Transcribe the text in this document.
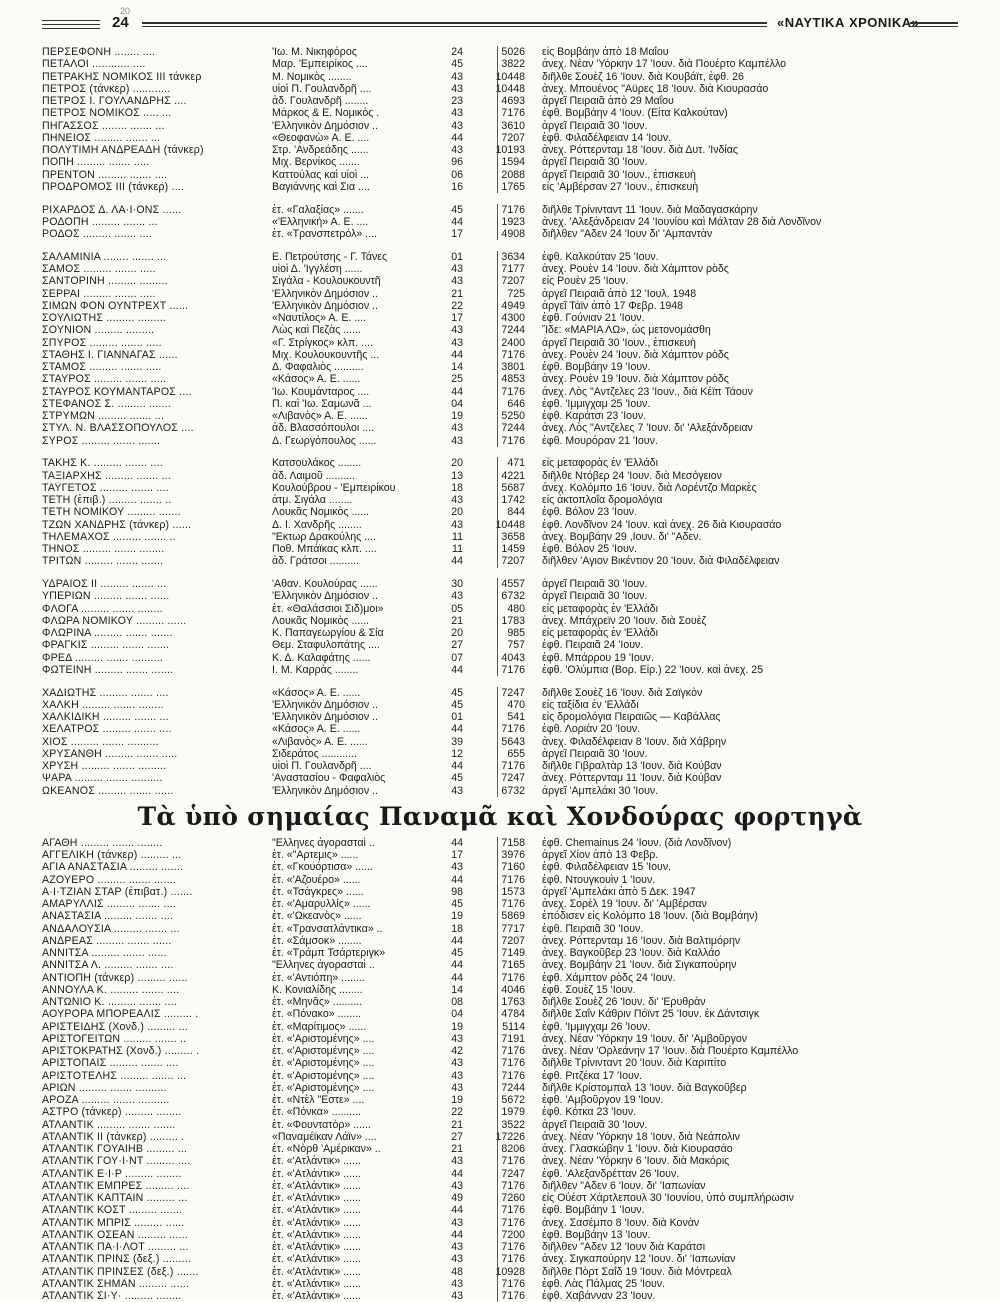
20
24	«ΝΑΥΤΙΚΑ ΧΡΟΝΙΚΑ»
ΠΕΡΣΕΦΟΝΗ ........ ....	'Ιω. Μ. Νικηφόρος	24	5026	εἰς Βομβάην ἀπὸ 18 Μαΐου
ΠΕΤΑΛΟΙ ............ ....	Μαρ. 'Εμπειρίκος ....	45	3822	ἀνεχ. Νέαν 'Υόρκην 17 'Ιουν. διὰ Πουέρτο Καμπέλλο
ΠΕΤΡΑΚΗΣ ΝΟΜΙΚΟΣ ΙΙΙ τάνκερ	Μ. Νομικὸς ........	43	10448	διῆλθε Σουὲζ 16 'Ιουν. διὰ Κουβάϊτ, ἐφθ. 26
ΠΕΤΡΟΣ (τάνκερ) ............	υἱοὶ Π. Γουλανδρῆ ....	43	10448	ἀνεχ. Μπουένος "Αϋρες 18 'Ιουν. διὰ Κιουρασάο
ΠΕΤΡΟΣ Ι. ΓΟΥΛΑΝΔΡΗΣ ....	ἀδ. Γουλανδρῆ ........	23	4693	ἀργεῖ Πειραιᾶ ἀπὸ 29 Μαΐου
ΠΕΤΡΟΣ ΝΟΜΙΚΟΣ ..... ...	Μάρκος & Ε. Νομικὸς .	43	7176	ἐφθ. Βομβάην 4 'Ιουν. (Εἶτα Καλκούταν)
ΠΗΓΑΣΣΟΣ ........ ....... ...	'Ελληνικὸν Δημόσιον ..	43	3610	ἀργεῖ Πειραιᾶ 30 'Ιουν.
ΠΗΝΕΙΟΣ ......... ....... ...	«Θεοφανὼ» Α. Ε. ....	44	7207	ἐφθ. Φιλαδέλφειαν 14 'Ιουν.
ΠΟΛΥΤΙΜΗ ΑΝΔΡΕΑΔΗ (τάνκερ)	Στρ. 'Ανδρεάδης ......	43	10193	ἀνεχ. Ρόττερνταμ 18 'Ιουν. διὰ Δυτ. 'Ινδίας
ΠΟΠΗ ......... ....... .....	Μιχ. Βερνίκος .......	96	1594	ἀργεῖ Πειραιᾶ 30 'Ιουν.
ΠΡΕΝΤΟΝ ......... ....... ....	Καττούλας καὶ υἱοὶ ...	06	2088	ἀργεῖ Πειραιᾶ 30 'Ιουν., ἐπισκευὴ
ΠΡΟΔΡΟΜΟΣ ΙΙΙ (τάνκερ) ....	Βαγιάννης καὶ Σια ....	16	1765	εἰς 'Αμβέρσαν 27 'Ιουν., ἐπισκευὴ
ΡΙΧΑΡΔΟΣ Δ. ΛΑ·Ι·ΟΝΣ ......	ἐτ. «Γαλαξίας» .......	45	7176	διῆλθε Τρίνινταντ 11 'Ιουν. διὰ Μαδαγασκάρην
ΡΟΔΟΠΗ ......... ....... ...	«'Ελληνική» Α. Ε. ....	44	1923	ἀνεχ. 'Αλεξάνδρειαν 24 'Ιουνίου καὶ Μάλταν 28 διὰ Λονδῖνον
ΡΟΔΟΣ ......... ....... ....	ἐτ. «Τρανσπετρόλ» ....	17	4908	διῆλθεν "Αδεν 24 'Ιουν δι' 'Αμπαντὰν
ΣΑΛΑΜΙΝΙΑ ........ ....... ...	Ε. Πετρούτσης - Γ. Τάνες	01	3634	ἐφθ. Καλκούταν 25 'Ιουν.
ΣΑΜΟΣ ......... ....... .....	υἱοὶ Δ. 'Ιγγλέση ......	43	7177	ἀνεχ. Ρουὲν 14 'Ιουν. διὰ Χάμπτον ρὸδς
ΣΑΝΤΟΡΙΝΗ ......... .........	Σιγάλα - Κουλουκουντῆ	43	7207	εἰς Ρουὲν 25 'Ιουν.
ΣΕΡΡΑΙ ......... ....... .....	'Ελληνικὸν Δημόσιον ..	21	725	ἀργεῖ Πειραιᾶ ἀπὸ 12 'Ιουλ. 1948
ΣΙΜΩΝ ΦΟΝ ΟΥΝΤΡΕΧΤ ......	'Ελληνικὸν Δημόσιον ..	22	4949	ἀργεῖ Τάϊν ἀπὸ 17 Φεβρ. 1948
ΣΟΥΛΙΩΤΗΣ ......... .........	«Ναυτίλος» Α. Ε. ....	17	4300	ἐφθ. Γούνιαν 21 'Ιουν.
ΣΟΥΝΙΟΝ ......... .........	Λὼς καὶ Πεζὰς ......	43	7244	Ἴδε: «ΜΑΡΙΑ ΛΩ», ὡς μετονομάσθη
ΣΠΥΡΟΣ ......... ....... .....	«Γ. Στρίγκος» κλπ. ....	43	2400	ἀργεῖ Πειραιᾶ 30 'Ιουν., ἐπισκευὴ
ΣΤΑΘΗΣ Ι. ΓΙΑΝΝΑΓΑΣ ......	Μιχ. Κουλουκουντῆς ...	44	7176	ἀνεχ. Ρουὲν 24 'Ιουν. διὰ Χάμπτον ρὸδς
ΣΤΑΜΟΣ ......... ....... .....	Δ. Φαφαλιὸς ..........	14	3801	ἐφθ. Βομβάην 19 'Ιουν.
ΣΤΑΥΡΟΣ ......... ....... .....	«Κάσος» Α. Ε. ......	25	4853	ἀνεχ. Ρουὲν 19 'Ιουν. διὰ Χάμπτον ρὸδς
ΣΤΑΥΡΟΣ ΚΟΥΜΑΝΤΑΡΟΣ ....	'Ιω. Κουμάνταρος ....	44	7176	ἀνεχ. Λὸς "Αντζελες 23 'Ιουν., διὰ Κέϊπ Τάουν
ΣΤΕΦΑΝΟΣ Σ. ......... .......	Π. καὶ 'Ιω. Σαμωνᾶ ...	04	646	ἐφθ. 'Ιμμιγχαμ 25 'Ιουν.
ΣΤΡΥΜΩΝ ......... ....... ...	«Λιβανὸς» Α. Ε. ......	19	5250	ἐφθ. Καράτσι 23 'Ιουν.
ΣΤΥΛ. Ν. ΒΛΑΣΣΟΠΟΥΛΟΣ ....	ἀδ. Βλασσόπουλοι ....	43	7244	ἀνεχ. Λὸς "Αντζελες 7 'Ιουν. δι' 'Αλεξάνδρειαν
ΣΥΡΟΣ ......... ....... .......	Δ. Γεωργόπουλος ......	43	7176	ἐφθ. Μουρόραν 21 'Ιουν.
ΤΑΚΗΣ Κ. ......... ....... ....	Κατσουλάκος ........	20	471	εἰς μεταφορὰς ἐν 'Ελλάδι
ΤΑΞΙΑΡΧΗΣ ......... ....... ...	ἀδ. Λαιμοῦ ..........	13	4221	διῆλθε Ντόβερ 24 'Ιουν. διὰ Μεσόγειον
ΤΑΫΓΕΤΟΣ ......... ....... ....	Κουλούβρου - 'Εμπειρίκου	18	5687	ἀνεχ. Κολόμπο 16 'Ιουν. διὰ Λορέντζο Μαρκὲς
ΤΕΤΗ (ἐπιβ.) ......... ....... ..	ἀτμ. Σιγάλα ........	43	1742	εἰς ἀκτοπλοΐα δρομολόγια
ΤΕΤΗ ΝΟΜΙΚΟΥ ......... .......	Λουκᾶς Νομικὸς ......	20	844	ἐφθ. Βόλον 23 'Ιουν.
ΤΖΩΝ ΧΑΝΔΡΗΣ (τάνκερ) ......	Δ. Ι. Χανδρῆς ........	43	10448	ἐφθ. Λονδῖνον 24 'Ιουν. καὶ ἀνεχ. 26 διὰ Κιουρασάο
ΤΗΛΕΜΑΧΟΣ ......... ....... ..	"Εκτωρ Δρακούλης ....	11	3658	ἀνεχ. Βομβάην 29 ,Ιουν. δι' "Αδεν.
ΤΗΝΟΣ ......... ....... ........	Ποθ. Μπάϊκας κλπ. ....	11	1459	ἐφθ. Βόλον 25 'Ιουν.
ΤΡΙΤΩΝ ......... ....... .......	ἀδ. Γράτσοι ..........	44	7207	διῆλθεν 'Αγιον Βικέντιον 20 'Ιουν. διὰ Φιλαδέλφειαν
ΥΔΡΑΙΟΣ ΙΙ ......... ....... ...	'Αθαν. Κουλούρας ......	30	4557	ἀργεῖ Πειραιᾶ 30 'Ιουν.
ΥΠΕΡΙΩΝ ......... ....... ......	'Ελληνικὸν Δημόσιον ..	43	6732	ἀργεῖ Πειραιᾶ 30 'Ιουν.
ΦΛΟΓΑ ......... ....... ........	ἐτ. «Θαλάσσιοι Σιδ)μοι»	05	480	εἰς μεταφορὰς ἐν 'Ελλάδι
ΦΛΩΡΑ ΝΟΜΙΚΟΥ ......... ......	Λουκᾶς Νομικὸς ......	21	1783	ἀνεχ. Μπάχρεϊν 20 'Ιουν. διὰ Σουὲζ
ΦΛΩΡΙΝΑ ......... ....... .......	Κ. Παπαγεωργίου & Σία	20	985	εἰς μεταφορὰς ἐν 'Ελλάδι
ΦΡΑΓΚΙΣ ......... ....... .......	Θεμ. Σταφυλοπάτης ....	27	757	ἐφθ. Πειραιᾶ 24 'Ιουν.
ΦΡΕΔ ......... ....... ..........	Κ. Δ. Καλαφάτης ......	07	4043	ἐφθ. Μπάρρου 19 'Ιουν.
ΦΩΤΕΙΝΗ ......... ....... .......	Ι. Μ. Καρρὰς ........	44	7176	ἐφθ. 'Ολύμπια (Βορ. Εἰρ.) 22 'Ιουν. καὶ ἀνεχ. 25
ΧΑΔΙΩΤΗΣ ......... ....... ....	«Κάσος» Α. Ε. ......	45	7247	διῆλθε Σουὲζ 16 'Ιουν. διὰ Σαϊγκὸν
ΧΑΛΚΗ ......... ....... ........	'Ελληνικὸν Δημόσιον ..	45	470	εἰς ταξίδια ἐν 'Ελλάδι
ΧΑΛΚΙΔΙΚΗ ......... ....... ...	'Ελληνικὸν Δημόσιον ..	01	541	εἰς δρομολόγια Πειραιῶς — Καβάλλας
ΧΕΛΑΤΡΟΣ ......... ....... ....	«Κάσος» Α. Ε. ......	44	7176	ἐφθ. Λοριὰν 20 'Ιουν.
ΧΙΟΣ ......... ....... ..........	«Λιβανὸς» Α. Ε. ......	39	5643	ἀνεχ. Φιλαδέλφειαν 8 'Ιουν. διὰ Χάβρην
ΧΡΥΣΑΝΘΗ ......... ....... .....	Σιδεράτος ............	12	655	ἀργεῖ Πειραιᾶ 30 'Ιουν.
ΧΡΥΣΗ ......... ....... .........	υἱοὶ Π. Γουλανδρῆ ....	44	7176	διῆλθε Γιβραλτὰρ 13 'Ιουν. διὰ Κούβαν
ΨΑΡΑ ......... ....... ..........	'Αναστασίου - Φαφαλιὸς	45	7247	ἀνεχ. Ρόττερνταμ 11 'Ιουν. διὰ Κούβαν
ΩΚΕΑΝΟΣ ......... ....... ......	'Ελληνικὸν Δημόσιον ..	43	6732	ἀργεῖ 'Αμπελάκι 30 'Ιουν.
Τὰ ὑπὸ σημαίας Παναμᾶ καὶ Χονδούρας φορτηγὰ
ΑΓΑΘΗ ......... ....... ........	"Ελληνες ἀγορασταὶ ..	44	7158	ἐφθ. Chemainus 24 'Ιουν. (διὰ Λονδῖνον)
ΑΓΓΕΛΙΚΗ (τάνκερ) ......... ...	ἐτ. «"Αρτεμις» ......	17	3976	ἀργεῖ Χίον ἀπὸ 13 Φεβρ.
ΑΓΙΑ ΑΝΑΣΤΑΣΙΑ ......... .......	ἐτ. «Γκουόρτισα» ......	43	7160	ἐφθ. Φιλαδέλφειαν 15 'Ιουν.
ΑΖΟΥΕΡΟ ......... ....... .......	ἐτ. «'Αζουέρο» ......	44	7176	ἐφθ. Ντουγκουὶν 1 'Ιουν.
Α·Ι·ΤΖΙΑΝ ΣΤΑΡ (ἐπιβατ.) .......	ἐτ. «Τσάγκρες» ......	98	1573	ἀργεῖ 'Αμπελάκι ἀπὸ 5 Δεκ. 1947
ΑΜΑΡΥΛΛΙΣ ......... ....... ....	ἐτ. «'Αμαρυλλίς» ......	45	7176	ἀνεχ. Σορὲλ 19 'Ιουν. δι' 'Αμβέρσαν
ΑΝΑΣΤΑΣΙΑ ......... ....... ....	ἐτ. «'Ωκεανὸς» ......	19	5869	ἐπόδισεν εἰς Κολόμπο 18 'Ιουν. (διὰ Βομβάην)
ΑΝΔΑΛΟΥΣΙΑ ......... ....... ...	ἐτ. «Τρανσατλάντικα» ..	18	7717	ἐφθ. Πειραιᾶ 30 'Ιουν.
ΑΝΔΡΕΑΣ ......... ....... ......	ἐτ. «Σάμσοκ» ........	44	7207	ἀνεχ. Ρόττερνταμ 16 'Ιουν. διὰ Βαλτιμόρην
ΑΝΝΙΤΣΑ ......... ....... ......	ἐτ. «Τράμπ Τσάρτεριγκ»	45	7149	ἀνεχ. Βαγκοῦβερ 23 'Ιουν. διὰ Καλλάο
ΑΝΝΙΤΣΑ Λ. ......... ....... ....	"Ελληνες ἀγορασταὶ ..	44	7165	ἀνεχ. Βομβάην 21 'Ιουν. διὰ Σιγκαπούρην
ΑΝΤΙΟΠΗ (τάνκερ) ......... ......	ἐτ. «'Αντιόπη» ........	44	7176	ἐφθ. Χάμπτον ρὸδς 24 'Ιουν.
ΑΝΝΟΥΛΑ Κ. ......... ....... ....	Κ. Κονιαλίδης ........	14	4046	ἐφθ. Σουὲζ 15 'Ιουν.
ΑΝΤΩΝΙΟ Κ. ......... ....... ....	ἐτ. «Μηνᾶς» ..........	08	1763	διῆλθε Σουὲζ 26 'Ιουν. δι' 'Ερυθρὰν
ΑΟΥΡΟΡΑ ΜΠΟΡΕΑΛΙΣ ......... .	ἐτ. «Πόνακο» ........	04	4784	διῆλθε Σαΐν Κάθριν Πόϊντ 25 'Ιουν. ἐκ Δάντσιγκ
ΑΡΙΣΤΕΙΔΗΣ (Χονδ.) ......... ...	ἐτ. «Μαρίτιμος» ......	19	5114	ἐφθ. 'Ιμμιγχαμ 26 'Ιουν.
ΑΡΙΣΤΟΓΕΙΤΩΝ ......... ....... ..	ἐτ. «'Αριστομένης» ....	43	7191	ἀνεχ. Νέαν 'Υόρκην 19 'Ιουν. δι' 'Αμβοῦργον
ΑΡΙΣΤΟΚΡΑΤΗΣ (Χονδ.) ......... .	ἐτ. «'Αριστομένης» ....	42	7176	ἀνεχ. Νέαν 'Ορλεάνην 17 'Ιουν. διὰ Πουέρτο Καμπέλλο
ΑΡΙΣΤΟΠΑΙΣ ......... ....... ....	ἐτ. «'Αριστομένης» ....	43	7176	διῆλθε Τρίνινταντ 20 'Ιουν. διὰ Καριπίτο
ΑΡΙΣΤΟΤΕΛΗΣ ......... ....... ...	ἐτ. «'Αριστομένης» ....	43	7176	ἐφθ. Ριτζέκα 17 'Ιουν.
ΑΡΙΩΝ ......... ....... ..........	ἐτ. «'Αριστομένης» ....	43	7244	διῆλθε Κρίστομπαλ 13 'Ιουν. διὰ Βαγκοῦβερ
ΑΡΟΖΑ ......... ....... ..........	ἐτ. «Ντὲλ "Εστε» ....	19	5672	ἐφθ. 'Αμβοῦργον 19 'Ιουν.
ΑΣΤΡΟ (τάνκερ) ......... ........	ἐτ. «Πόνκα» ..........	22	1979	ἐφθ. Κότκα 23 'Ιουν.
ΑΤΛΑΝΤΙΚ ......... ....... .......	ἐτ. «Φουντατὸρ» ......	21	3522	ἀργεῖ Πειραιᾶ 30 'Ιουν.
ΑΤΛΑΝΤΙΚ ΙΙ (τάνκερ) ......... .	«Παναμέϊκαν Λάϊν» ....	27	17226	ἀνεχ. Νέαν 'Υόρκην 18 'Ιουν. διὰ Νεάπολιν
ΑΤΛΑΝΤΙΚ ΓΟΥΑΙΗΒ ......... ...	ἐτ. «Νὸρθ 'Αμέρικαν» ..	21	8206	ἀνεχ. Γλασκώβην 1 'Ιουν. διὰ Κιουρασάο
ΑΤΛΑΝΤΙΚ ΓΟΥ·Ι·ΝΤ ......... ....	ἐτ. «'Ατλάντικ» ......	43	7176	ἀνεχ. Νέαν 'Υόρκην 6 'Ιουν. διὰ Μακόρις
ΑΤΛΑΝΤΙΚ Ε·Ι·Ρ ......... ........	ἐτ. «'Ατλάντικ» ......	44	7247	ἐφθ. 'Αλεξανδρέτταν 26 'Ιουν.
ΑΤΛΑΝΤΙΚ ΕΜΠΡΕΣ ......... ....	ἐτ. «'Ατλάντικ» ......	43	7176	διῆλθεν "Αδεν 6 'Ιουν. δι' 'Ιαπωνίαν
ΑΤΛΑΝΤΙΚ ΚΑΠΤΑΙΝ ......... ...	ἐτ. «'Ατλάντικ» ......	49	7260	εἰς Οὐέστ Χάρτλεπουλ 30 'Ιουνίου, ὑπὸ συμπλήρωσιν
ΑΤΛΑΝΤΙΚ ΚΟΣΤ ......... .......	ἐτ. «'Ατλάντικ» ......	44	7176	ἐφθ. Βομβάην 1 'Ιουν.
ΑΤΛΑΝΤΙΚ ΜΠΡΙΣ ......... ......	ἐτ. «'Ατλάντικ» ......	43	7176	ἀνεχ. Σασέμπο 8 'Ιουν. διὰ Κονὰν
ΑΤΛΑΝΤΙΚ ΟΣΕΑΝ ......... ......	ἐτ. «'Ατλάντικ» ......	44	7200	ἐφθ. Βομβάην 13 'Ιουν.
ΑΤΛΑΝΤΙΚ ΠΑ·Ι·ΛΟΤ ......... ...	ἐτ. «'Ατλάντικ» ......	43	7176	διῆλθεν "Αδεν 12 'Ιουν διὰ Καράτσι
ΑΤΛΑΝΤΙΚ ΠΡΙΝΣ (δεξ.) .........	ἐτ. «'Ατλάντικ» ......	43	7176	ἀνεχ. Σιγκαπούρην 12 'Ιουν. δι' 'Ιαπωνίαν
ΑΤΛΑΝΤΙΚ ΠΡΙΝΣΕΣ (δεξ.) .......	ἐτ. «'Ατλάντικ» ......	48	10928	διῆλθε Πὸρτ Σαΐδ 19 'Ιουν. διὰ Μόντρεαλ
ΑΤΛΑΝΤΙΚ ΣΗΜΑΝ ......... ......	ἐτ. «'Ατλάντικ» ......	43	7176	ἐφθ. Λὰς Πάλμας 25 'Ιουν.
ΑΤΛΑΝΤΙΚ ΣΙ·Υ· ......... ........	ἐτ. «'Ατλάντικ» ......	43	7176	ἐφθ. Χαβάνναν 23 'Ιουν.
